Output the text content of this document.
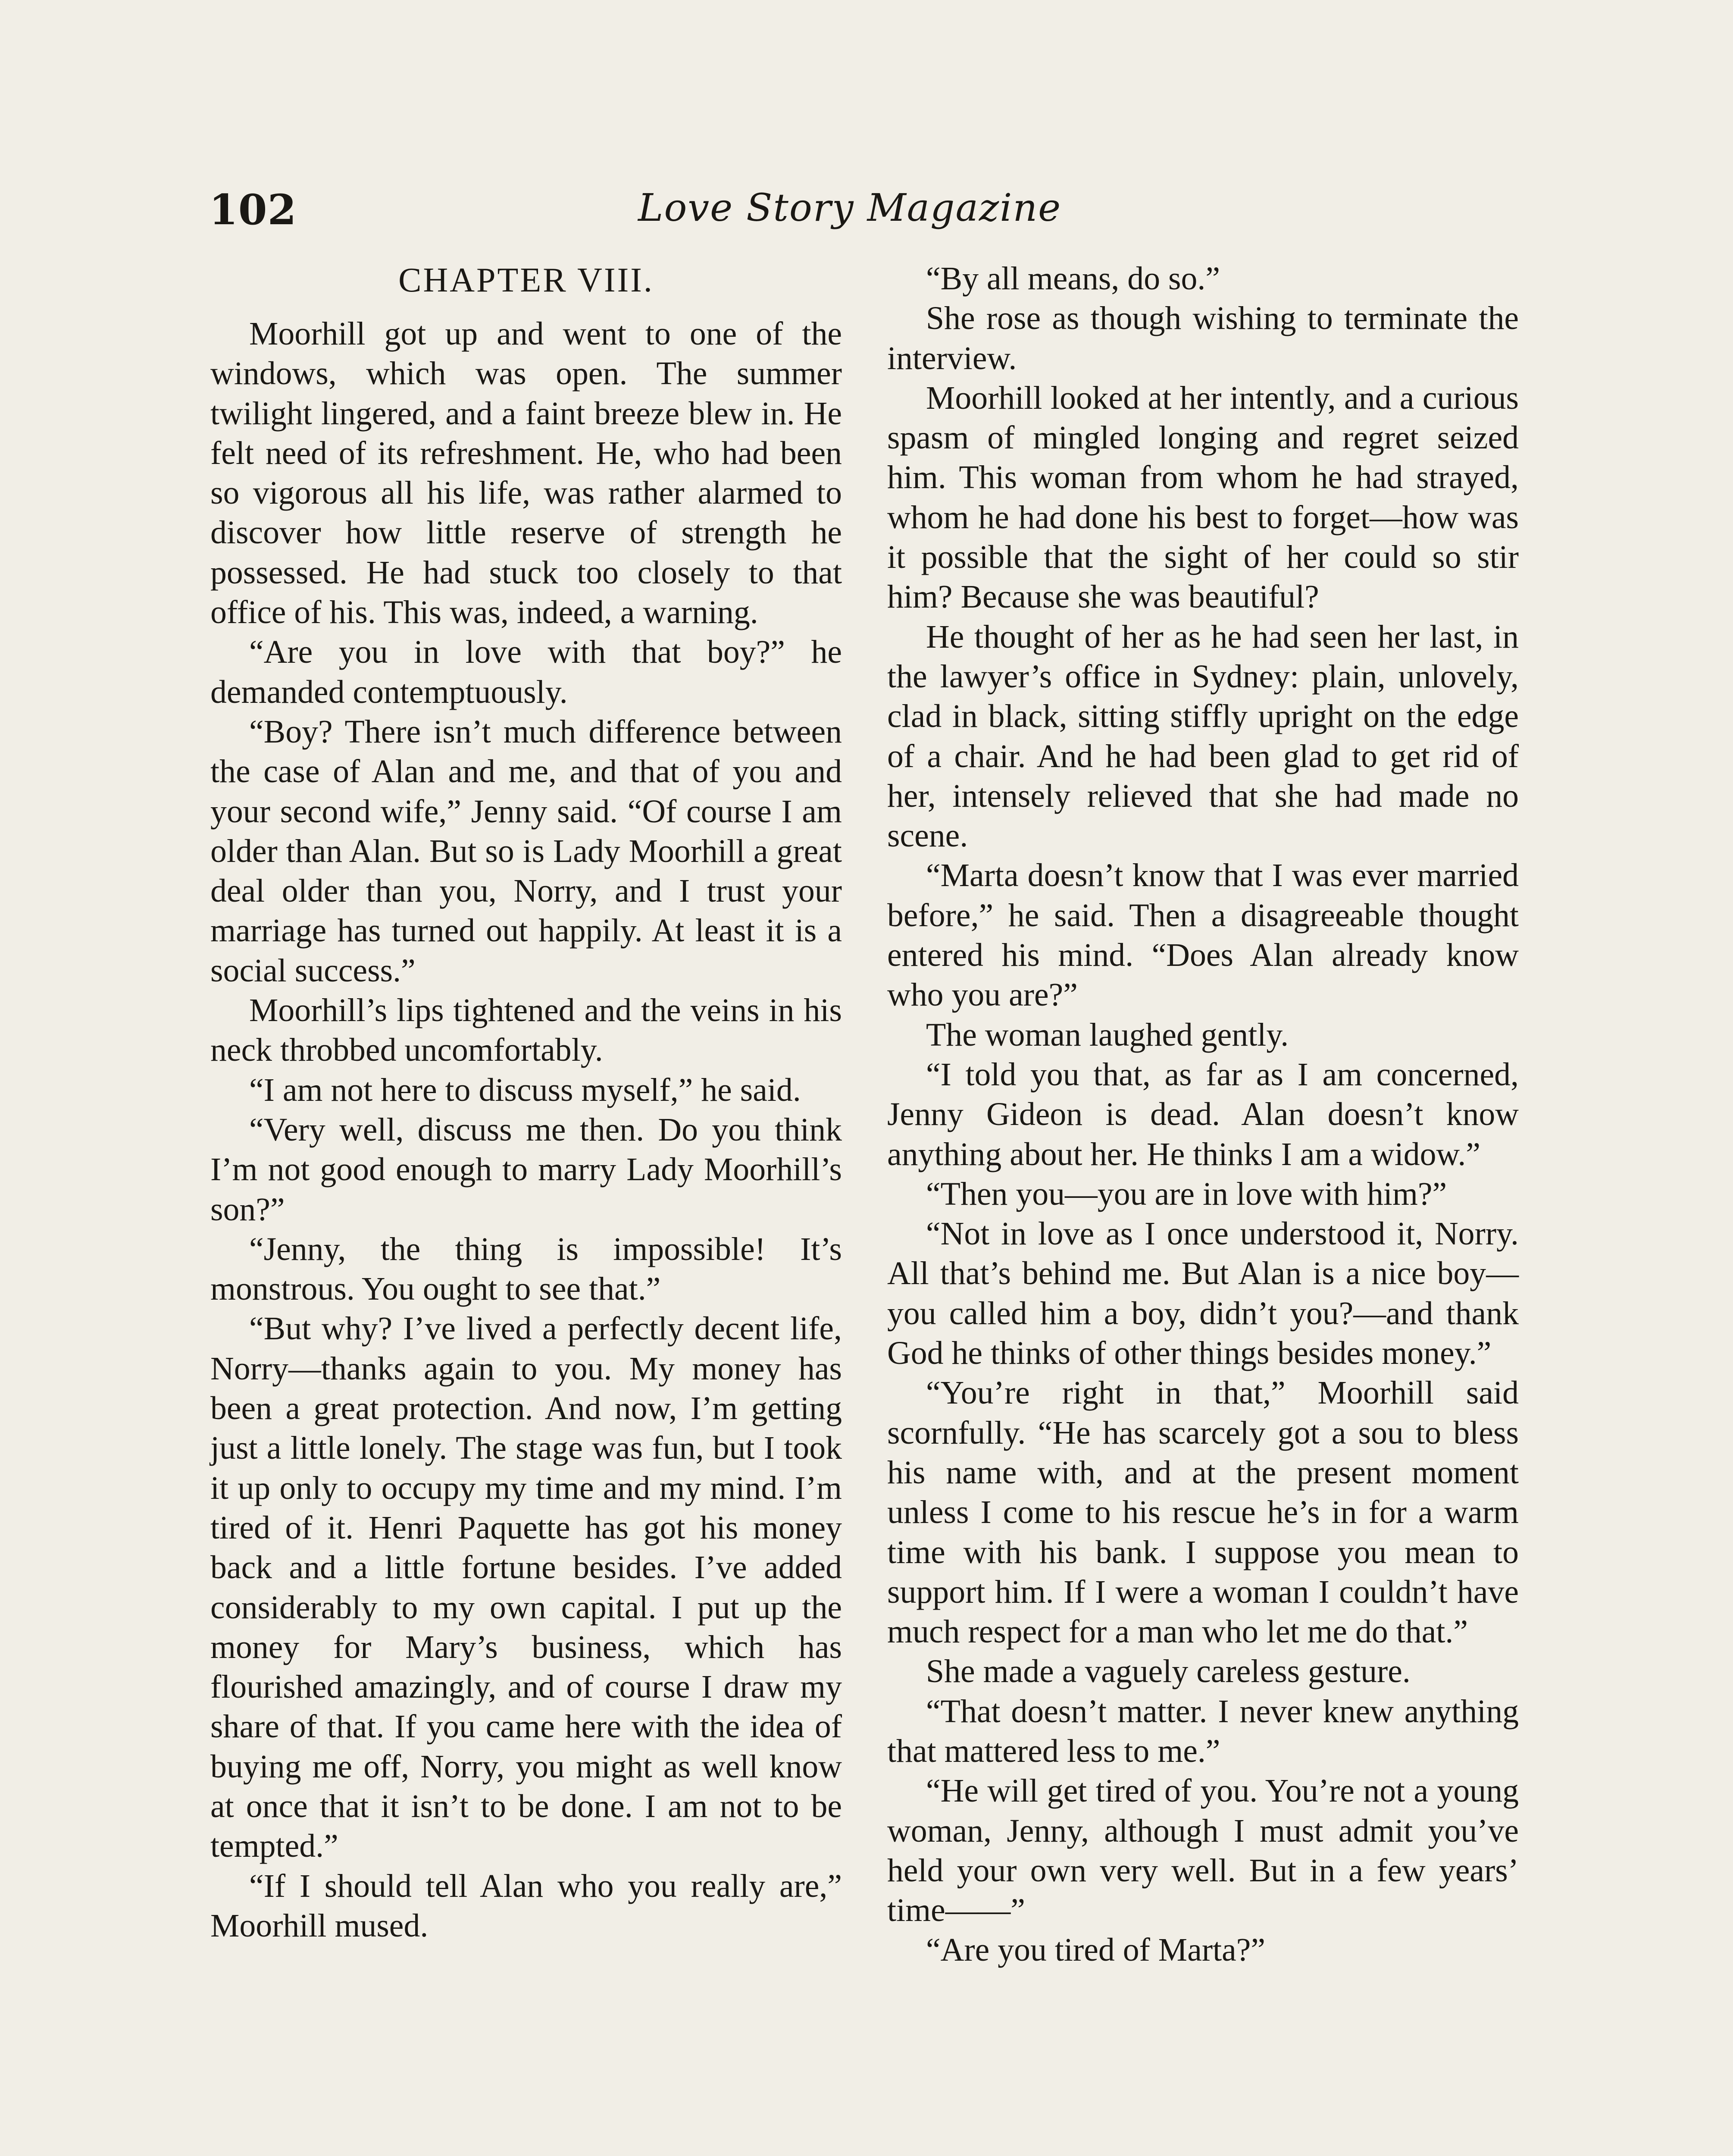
102	Love Story Magazine
CHAPTER VIII.

Moorhill got up and went to one of the windows, which was open. The summer twilight lingered, and a faint breeze blew in. He felt need of its refreshment. He, who had been so vigorous all his life, was rather alarmed to discover how little reserve of strength he possessed. He had stuck too closely to that office of his. This was, indeed, a warning.

“Are you in love with that boy?” he demanded contemptuously.

“Boy? There isn’t much difference between the case of Alan and me, and that of you and your second wife,” Jenny said. “Of course I am older than Alan. But so is Lady Moorhill a great deal older than you, Norry, and I trust your marriage has turned out happily. At least it is a social success.”

Moorhill’s lips tightened and the veins in his neck throbbed uncomfortably.

“I am not here to discuss myself,” he said.

“Very well, discuss me then. Do you think I’m not good enough to marry Lady Moorhill’s son?”

“Jenny, the thing is impossible! It’s monstrous. You ought to see that.”

“But why? I’ve lived a perfectly decent life, Norry—thanks again to you. My money has been a great protection. And now, I’m getting just a little lonely. The stage was fun, but I took it up only to occupy my time and my mind. I’m tired of it. Henri Paquette has got his money back and a little fortune besides. I’ve added considerably to my own capital. I put up the money for Mary’s business, which has flourished amazingly, and of course I draw my share of that. If you came here with the idea of buying me off, Norry, you might as well know at once that it isn’t to be done. I am not to be tempted.”

“If I should tell Alan who you really are,” Moorhill mused.

“By all means, do so.”

She rose as though wishing to terminate the interview.

Moorhill looked at her intently, and a curious spasm of mingled longing and regret seized him. This woman from whom he had strayed, whom he had done his best to forget—how was it possible that the sight of her could so stir him? Because she was beautiful?

He thought of her as he had seen her last, in the lawyer’s office in Sydney: plain, unlovely, clad in black, sitting stiffly upright on the edge of a chair. And he had been glad to get rid of her, intensely relieved that she had made no scene.

“Marta doesn’t know that I was ever married before,” he said. Then a disagreeable thought entered his mind. “Does Alan already know who you are?”

The woman laughed gently.

“I told you that, as far as I am concerned, Jenny Gideon is dead. Alan doesn’t know anything about her. He thinks I am a widow.”

“Then you—you are in love with him?”

“Not in love as I once understood it, Norry. All that’s behind me. But Alan is a nice boy—you called him a boy, didn’t you?—and thank God he thinks of other things besides money.”

“You’re right in that,” Moorhill said scornfully. “He has scarcely got a sou to bless his name with, and at the present moment unless I come to his rescue he’s in for a warm time with his bank. I suppose you mean to support him. If I were a woman I couldn’t have much respect for a man who let me do that.”

She made a vaguely careless gesture.

“That doesn’t matter. I never knew anything that mattered less to me.”

“He will get tired of you. You’re not a young woman, Jenny, although I must admit you’ve held your own very well. But in a few years’ time——”

“Are you tired of Marta?”
